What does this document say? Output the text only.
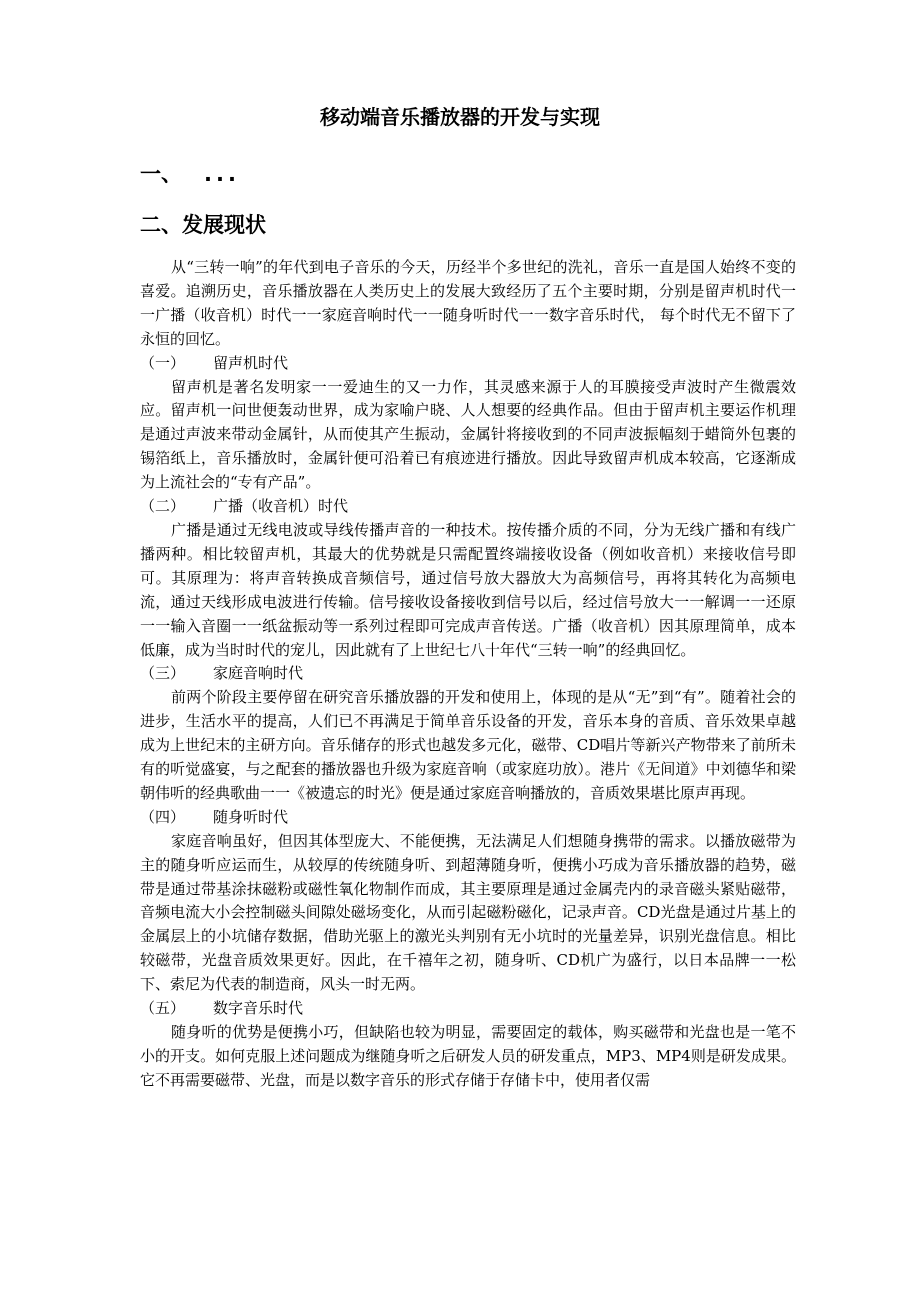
移动端音乐播放器的开发与实现
一、 ...
二、发展现状

从“三转一响”的年代到电子音乐的今天，历经半个多世纪的洗礼，音乐一直是国人始终不变的喜爱。追溯历史，音乐播放器在人类历史上的发展大致经历了五个主要时期，分别是留声机时代一一广播（收音机）时代一一家庭音响时代一一随身听时代一一数字音乐时代， 每个时代无不留下了永恒的回忆。

（一） 留声机时代

留声机是著名发明家一一爱迪生的又一力作，其灵感来源于人的耳膜接受声波时产生微震效应。留声机一问世便轰动世界，成为家喻户晓、人人想要的经典作品。但由于留声机主要运作机理是通过声波来带动金属针，从而使其产生振动，金属针将接收到的不同声波振幅刻于蜡筒外包裹的锡箔纸上，音乐播放时，金属针便可沿着已有痕迹进行播放。因此导致留声机成本较高，它逐渐成为上流社会的“专有产品”。

（二） 广播（收音机）时代

广播是通过无线电波或导线传播声音的一种技术。按传播介质的不同，分为无线广播和有线广播两种。相比较留声机，其最大的优势就是只需配置终端接收设备（例如收音机）来接收信号即可。其原理为：将声音转换成音频信号，通过信号放大器放大为高频信号，再将其转化为高频电流，通过天线形成电波进行传输。信号接收设备接收到信号以后，经过信号放大一一解调一一还原一一输入音圈一一纸盆振动等一系列过程即可完成声音传送。广播（收音机）因其原理简单，成本低廉，成为当时时代的宠儿，因此就有了上世纪七八十年代“三转一响”的经典回忆。

（三） 家庭音响时代

前两个阶段主要停留在研究音乐播放器的开发和使用上，体现的是从“无”到“有”。随着社会的进步，生活水平的提高，人们已不再满足于简单音乐设备的开发，音乐本身的音质、音乐效果卓越成为上世纪末的主研方向。音乐储存的形式也越发多元化，磁带、CD唱片等新兴产物带来了前所未有的听觉盛宴，与之配套的播放器也升级为家庭音响（或家庭功放）。港片《无间道》中刘德华和梁朝伟听的经典歌曲一一《被遗忘的时光》便是通过家庭音响播放的，音质效果堪比原声再现。

（四） 随身听时代

家庭音响虽好，但因其体型庞大、不能便携，无法满足人们想随身携带的需求。以播放磁带为主的随身听应运而生，从较厚的传统随身听、到超薄随身听，便携小巧成为音乐播放器的趋势，磁带是通过带基涂抹磁粉或磁性氧化物制作而成，其主要原理是通过金属壳内的录音磁头紧贴磁带，音频电流大小会控制磁头间隙处磁场变化，从而引起磁粉磁化，记录声音。CD光盘是通过片基上的金属层上的小坑储存数据，借助光驱上的激光头判别有无小坑时的光量差异，识别光盘信息。相比较磁带，光盘音质效果更好。因此，在千禧年之初，随身听、CD机广为盛行，以日本品牌一一松下、索尼为代表的制造商，风头一时无两。

（五） 数字音乐时代

随身听的优势是便携小巧，但缺陷也较为明显，需要固定的载体，购买磁带和光盘也是一笔不小的开支。如何克服上述问题成为继随身听之后研发人员的研发重点，MP3、MP4则是研发成果。它不再需要磁带、光盘，而是以数字音乐的形式存储于存储卡中，使用者仅需
